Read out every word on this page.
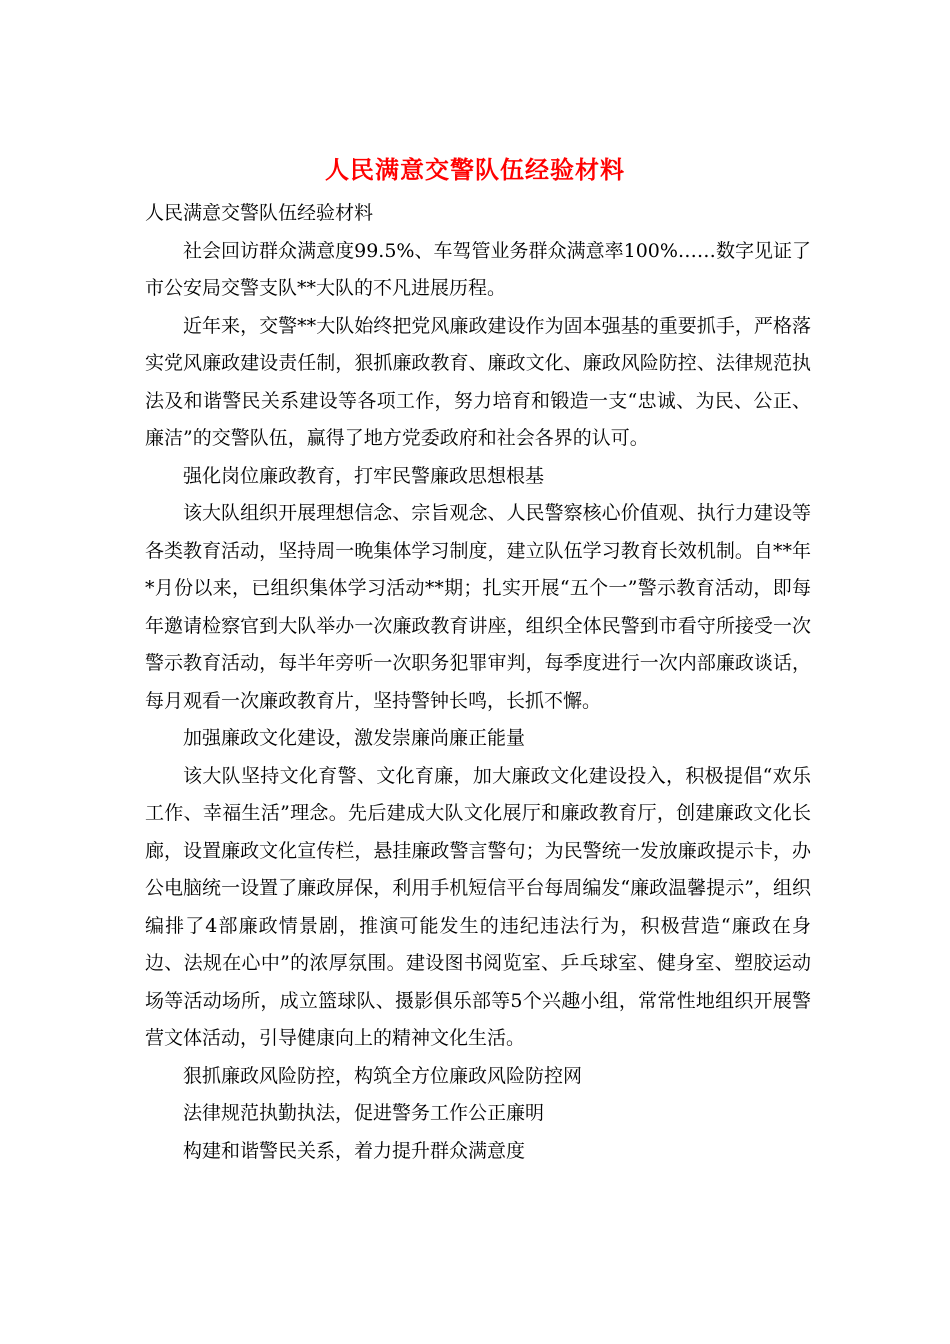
人民满意交警队伍经验材料

人民满意交警队伍经验材料

社会回访群众满意度99.5%、车驾管业务群众满意率100%……数字见证了市公安局交警支队**大队的不凡进展历程。

近年来，交警**大队始终把党风廉政建设作为固本强基的重要抓手，严格落实党风廉政建设责任制，狠抓廉政教育、廉政文化、廉政风险防控、法律规范执法及和谐警民关系建设等各项工作，努力培育和锻造一支“忠诚、为民、公正、廉洁”的交警队伍，赢得了地方党委政府和社会各界的认可。

强化岗位廉政教育，打牢民警廉政思想根基

该大队组织开展理想信念、宗旨观念、人民警察核心价值观、执行力建设等各类教育活动，坚持周一晚集体学习制度，建立队伍学习教育长效机制。自**年*月份以来，已组织集体学习活动**期；扎实开展“五个一”警示教育活动，即每年邀请检察官到大队举办一次廉政教育讲座，组织全体民警到市看守所接受一次警示教育活动，每半年旁听一次职务犯罪审判，每季度进行一次内部廉政谈话，每月观看一次廉政教育片，坚持警钟长鸣，长抓不懈。

加强廉政文化建设，激发崇廉尚廉正能量

该大队坚持文化育警、文化育廉，加大廉政文化建设投入，积极提倡“欢乐工作、幸福生活”理念。先后建成大队文化展厅和廉政教育厅，创建廉政文化长廊，设置廉政文化宣传栏，悬挂廉政警言警句；为民警统一发放廉政提示卡，办公电脑统一设置了廉政屏保，利用手机短信平台每周编发“廉政温馨提示”，组织编排了4部廉政情景剧，推演可能发生的违纪违法行为，积极营造“廉政在身边、法规在心中”的浓厚氛围。建设图书阅览室、乒乓球室、健身室、塑胶运动场等活动场所，成立篮球队、摄影俱乐部等5个兴趣小组，常常性地组织开展警营文体活动，引导健康向上的精神文化生活。

狠抓廉政风险防控，构筑全方位廉政风险防控网

法律规范执勤执法，促进警务工作公正廉明

构建和谐警民关系，着力提升群众满意度
